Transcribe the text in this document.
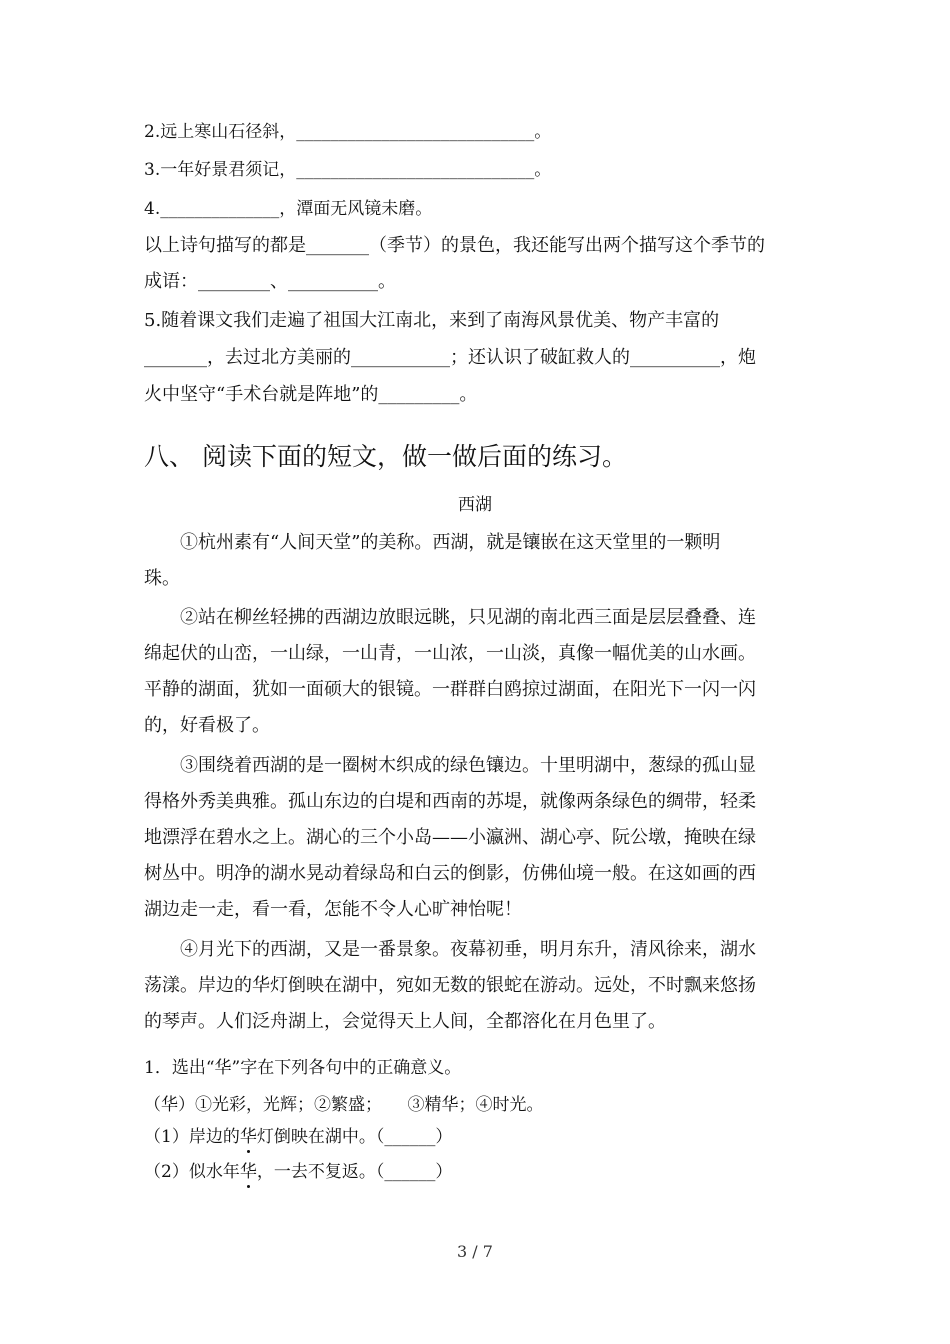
2.远上寒山石径斜，____________________________。
3.一年好景君须记，____________________________。
4.______________，潭面无风镜未磨。
以上诗句描写的都是_______（季节）的景色，我还能写出两个描写这个季节的
成语：________、__________。
5.随着课文我们走遍了祖国大江南北，来到了南海风景优美、物产丰富的
_______，去过北方美丽的___________；还认识了破缸救人的__________，炮
火中坚守“手术台就是阵地”的_________。
八、 阅读下面的短文，做一做后面的练习。
西湖
　　①杭州素有“人间天堂”的美称。西湖，就是镶嵌在这天堂里的一颗明
珠。
　　②站在柳丝轻拂的西湖边放眼远眺，只见湖的南北西三面是层层叠叠、连
绵起伏的山峦，一山绿，一山青，一山浓，一山淡，真像一幅优美的山水画。
平静的湖面，犹如一面硕大的银镜。一群群白鸥掠过湖面，在阳光下一闪一闪
的，好看极了。
　　③围绕着西湖的是一圈树木织成的绿色镶边。十里明湖中，葱绿的孤山显
得格外秀美典雅。孤山东边的白堤和西南的苏堤，就像两条绿色的绸带，轻柔
地漂浮在碧水之上。湖心的三个小岛——小瀛洲、湖心亭、阮公墩，掩映在绿
树丛中。明净的湖水晃动着绿岛和白云的倒影，仿佛仙境一般。在这如画的西
湖边走一走，看一看，怎能不令人心旷神怡呢！
　　④月光下的西湖，又是一番景象。夜幕初垂，明月东升，清风徐来，湖水
荡漾。岸边的华灯倒映在湖中，宛如无数的银蛇在游动。远处，不时飘来悠扬
的琴声。人们泛舟湖上，会觉得天上人间，全都溶化在月色里了。
1．选出“华”字在下列各句中的正确意义。
（华）①光彩，光辉；②繁盛；　　③精华；④时光。
（1）岸边的华灯倒映在湖中。（______）
（2）似水年华，一去不复返。（______）
3 / 7
